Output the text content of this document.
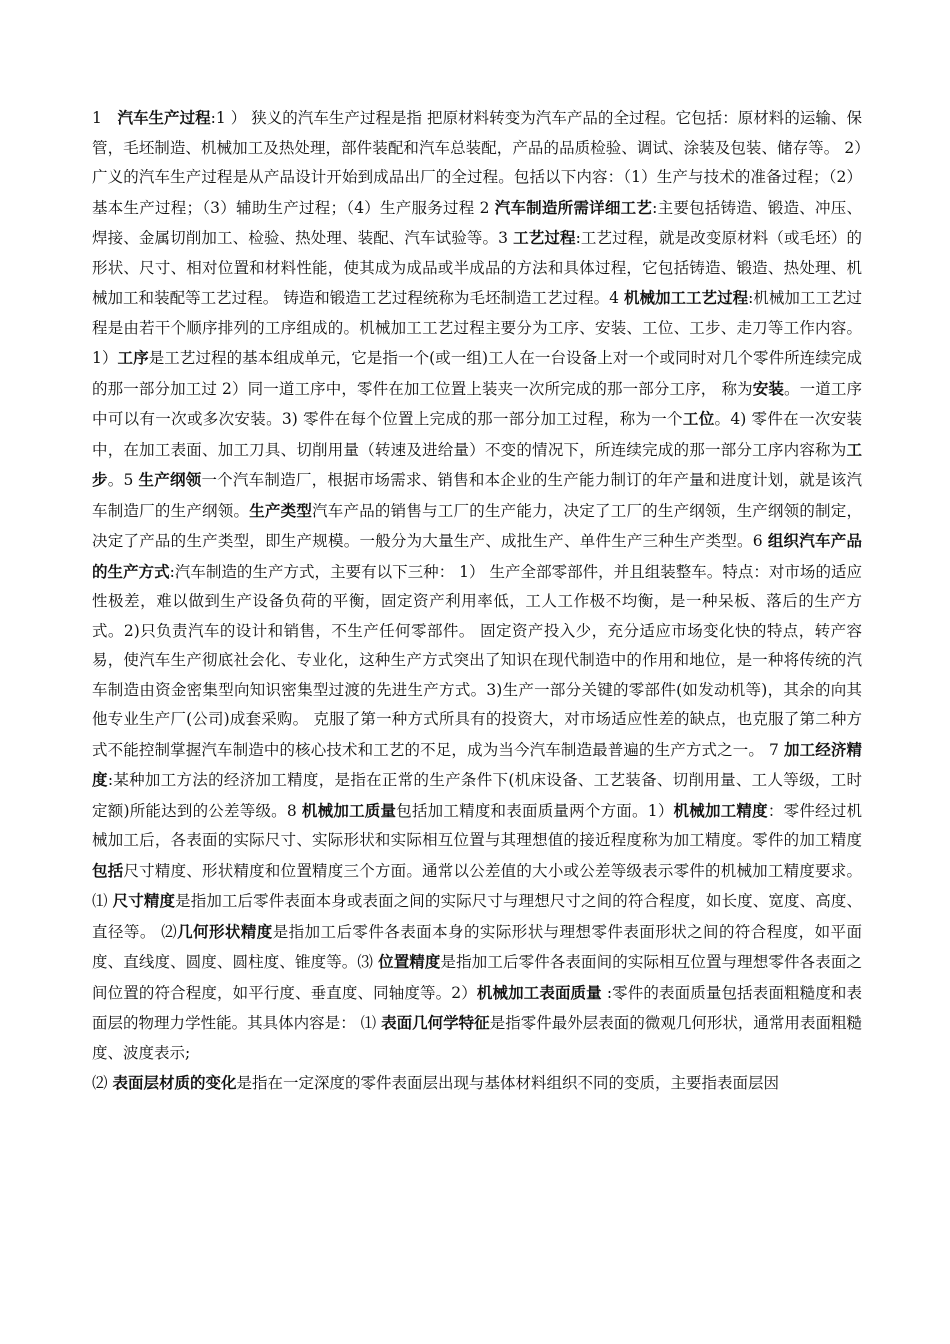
1　汽车生产过程:1 ） 狭义的汽车生产过程是指 把原材料转变为汽车产品的全过程。它包括：原材料的运输、保管，毛坯制造、机械加工及热处理，部件装配和汽车总装配，产品的品质检验、调试、涂装及包装、储存等。 2）广义的汽车生产过程是从产品设计开始到成品出厂的全过程。包括以下内容：（1）生产与技术的准备过程；（2）基本生产过程；（3）辅助生产过程；（4）生产服务过程 2 汽车制造所需详细工艺:主要包括铸造、锻造、冲压、焊接、金属切削加工、检验、热处理、装配、汽车试验等。3 工艺过程:工艺过程，就是改变原材料（或毛坯）的形状、尺寸、相对位置和材料性能，使其成为成品或半成品的方法和具体过程，它包括铸造、锻造、热处理、机械加工和装配等工艺过程。 铸造和锻造工艺过程统称为毛坯制造工艺过程。4 机械加工工艺过程:机械加工工艺过程是由若干个顺序排列的工序组成的。机械加工工艺过程主要分为工序、安装、工位、工步、走刀等工作内容。1）工序是工艺过程的基本组成单元，它是指一个(或一组)工人在一台设备上对一个或同时对几个零件所连续完成的那一部分加工过 2）同一道工序中，零件在加工位置上装夹一次所完成的那一部分工序， 称为安装。一道工序中可以有一次或多次安装。3) 零件在每个位置上完成的那一部分加工过程，称为一个工位。4) 零件在一次安装中，在加工表面、加工刀具、切削用量（转速及进给量）不变的情况下，所连续完成的那一部分工序内容称为工步。5 生产纲领一个汽车制造厂，根据市场需求、销售和本企业的生产能力制订的年产量和进度计划，就是该汽车制造厂的生产纲领。生产类型汽车产品的销售与工厂的生产能力，决定了工厂的生产纲领，生产纲领的制定，决定了产品的生产类型，即生产规模。一般分为大量生产、成批生产、单件生产三种生产类型。6 组织汽车产品的生产方式:汽车制造的生产方式，主要有以下三种： 1） 生产全部零部件，并且组装整车。特点：对市场的适应性极差，难以做到生产设备负荷的平衡，固定资产利用率低，工人工作极不均衡，是一种呆板、落后的生产方式。2)只负责汽车的设计和销售，不生产任何零部件。 固定资产投入少，充分适应市场变化快的特点，转产容易，使汽车生产彻底社会化、专业化，这种生产方式突出了知识在现代制造中的作用和地位，是一种将传统的汽车制造由资金密集型向知识密集型过渡的先进生产方式。3)生产一部分关键的零部件(如发动机等)，其余的向其他专业生产厂(公司)成套采购。 克服了第一种方式所具有的投资大，对市场适应性差的缺点，也克服了第二种方式不能控制掌握汽车制造中的核心技术和工艺的不足，成为当今汽车制造最普遍的生产方式之一。 7 加工经济精度:某种加工方法的经济加工精度，是指在正常的生产条件下(机床设备、工艺装备、切削用量、工人等级，工时定额)所能达到的公差等级。8 机械加工质量包括加工精度和表面质量两个方面。1）机械加工精度：零件经过机械加工后，各表面的实际尺寸、实际形状和实际相互位置与其理想值的接近程度称为加工精度。零件的加工精度包括尺寸精度、形状精度和位置精度三个方面。通常以公差值的大小或公差等级表示零件的机械加工精度要求。⑴ 尺寸精度是指加工后零件表面本身或表面之间的实际尺寸与理想尺寸之间的符合程度，如长度、宽度、高度、直径等。 ⑵几何形状精度是指加工后零件各表面本身的实际形状与理想零件表面形状之间的符合程度，如平面度、直线度、圆度、圆柱度、锥度等。⑶ 位置精度是指加工后零件各表面间的实际相互位置与理想零件各表面之间位置的符合程度，如平行度、垂直度、同轴度等。2）机械加工表面质量 :零件的表面质量包括表面粗糙度和表面层的物理力学性能。其具体内容是： ⑴ 表面几何学特征是指零件最外层表面的微观几何形状，通常用表面粗糙度、波度表示;

⑵ 表面层材质的变化是指在一定深度的零件表面层出现与基体材料组织不同的变质，主要指表面层因
